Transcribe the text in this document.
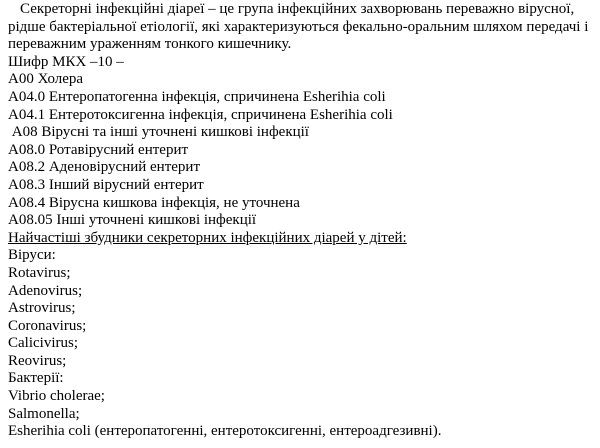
Секреторні інфекційні діареї – це група інфекційних захворювань переважно вірусної, рідше бактеріальної етіології, які характеризуються фекально-оральним шляхом передачі і переважним ураженням тонкого кишечнику.

Шифр МКХ –10 –
А00 Холера
А04.0 Ентеропатогенна інфекція, спричинена Esherihia coli
А04.1 Ентеротоксигенна інфекція, спричинена Esherihia coli
А08 Вірусні та інші уточнені кишкові інфекції
А08.0 Ротавірусний ентерит
А08.2 Аденовірусний ентерит
А08.3 Інший вірусний ентерит
А08.4 Вірусна кишкова інфекція, не уточнена
А08.05 Інші уточнені кишкові інфекції
Найчастіші збудники секреторних інфекційних діарей у дітей:
Віруси:
Rotavirus;
Adenovirus;
Astrovirus;
Coronavirus;
Calicivirus;
Reovirus;
Бактерії:
Vibrio cholerae;
Salmonella;
Esherihia coli (ентеропатогенні, ентеротоксигенні, ентероадгезивні).
